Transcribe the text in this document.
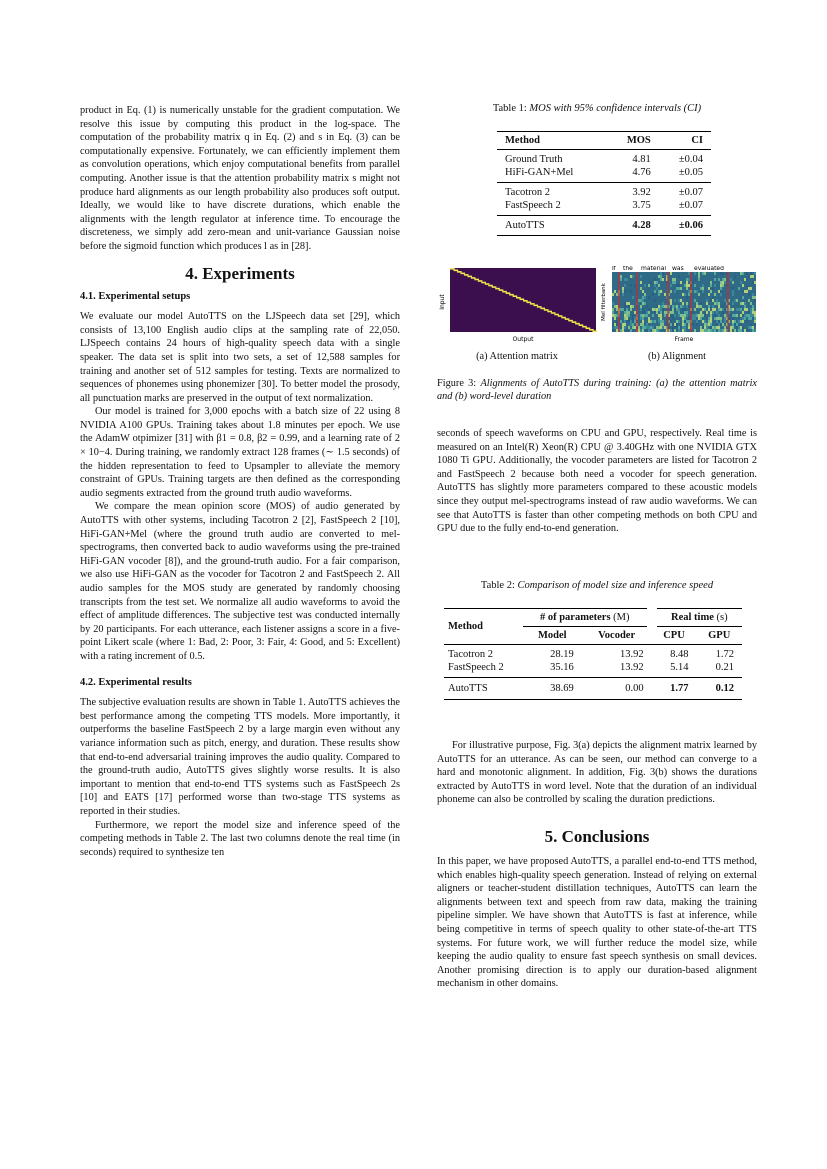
product in Eq. (1) is numerically unstable for the gradient computation. We resolve this issue by computing this product in the log-space. The computation of the probability matrix q in Eq. (2) and s in Eq. (3) can be computationally expensive. Fortunately, we can efficiently implement them as convolution operations, which enjoy computational benefits from parallel computing. Another issue is that the attention probability matrix s might not produce hard alignments as our length probability also produces soft output. Ideally, we would like to have discrete durations, which enable the alignments with the length regulator at inference time. To encourage the discreteness, we simply add zero-mean and unit-variance Gaussian noise before the sigmoid function which produces l as in [28].

4. Experiments
4.1. Experimental setups

We evaluate our model AutoTTS on the LJSpeech data set [29], which consists of 13,100 English audio clips at the sampling rate of 22,050. LJSpeech contains 24 hours of high-quality speech data with a single speaker. The data set is split into two sets, a set of 12,588 samples for training and another set of 512 samples for testing. Texts are normalized to sequences of phonemes using phonemizer [30]. To better model the prosody, all punctuation marks are preserved in the output of text normalization.

Our model is trained for 3,000 epochs with a batch size of 22 using 8 NVIDIA A100 GPUs. Training takes about 1.8 minutes per epoch. We use the AdamW otpimizer [31] with β1 = 0.8, β2 = 0.99, and a learning rate of 2 × 10−4. During training, we randomly extract 128 frames (∼ 1.5 seconds) of the hidden representation to feed to Upsampler to alleviate the memory constraint of GPUs. Training targets are then defined as the corresponding audio segments extracted from the ground truth audio waveforms.

We compare the mean opinion score (MOS) of audio generated by AutoTTS with other systems, including Tacotron 2 [2], FastSpeech 2 [10], HiFi-GAN+Mel (where the ground truth audio are converted to mel-spectrograms, then converted back to audio waveforms using the pre-trained HiFi-GAN vocoder [8]), and the ground-truth audio. For a fair comparison, we also use HiFi-GAN as the vocoder for Tacotron 2 and FastSpeech 2. All audio samples for the MOS study are generated by randomly choosing transcripts from the test set. We normalize all audio waveforms to avoid the effect of amplitude differences. The subjective test was conducted internally by 20 participants. For each utterance, each listener assigns a score in a five-point Likert scale (where 1: Bad, 2: Poor, 3: Fair, 4: Good, and 5: Excellent) with a rating increment of 0.5.

4.2. Experimental results

The subjective evaluation results are shown in Table 1. AutoTTS achieves the best performance among the competing TTS models. More importantly, it outperforms the baseline FastSpeech 2 by a large margin even without any variance information such as pitch, energy, and duration. These results show that end-to-end adversarial training improves the audio quality. Compared to the ground-truth audio, AutoTTS gives slightly worse results. It is also important to mention that end-to-end TTS systems such as FastSpeech 2s [10] and EATS [17] performed worse than two-stage TTS systems as reported in their studies.

Furthermore, we report the model size and inference speed of the competing methods in Table 2. The last two columns denote the real time (in seconds) required to synthesize ten

Table 1: MOS with 95% confidence intervals (CI)
Method	MOS	CI
Ground Truth	4.81	±0.04
HiFi-GAN+Mel	4.76	±0.05
Tacotron 2	3.92	±0.07
FastSpeech 2	3.75	±0.07
AutoTTS	4.28	±0.06
Input
Output
If the material was evaluated
Mel filterbank
Frame
(a) Attention matrix	(b) Alignment
Figure 3: Alignments of AutoTTS during training: (a) the attention matrix and (b) word-level duration

seconds of speech waveforms on CPU and GPU, respectively. Real time is measured on an Intel(R) Xeon(R) CPU @ 3.40GHz with one NVIDIA GTX 1080 Ti GPU. Additionally, the vocoder parameters are listed for Tacotron 2 and FastSpeech 2 because both need a vocoder for speech generation. AutoTTS has slightly more parameters compared to these acoustic models since they output mel-spectrograms instead of raw audio waveforms. We can see that AutoTTS is faster than other competing methods on both CPU and GPU due to the fully end-to-end generation.

Table 2: Comparison of model size and inference speed
Method	# of parameters (M)		Real time (s)	
	Model	Vocoder	CPU	GPU
Tacotron 2	28.19	13.92	8.48	1.72
FastSpeech 2	35.16	13.92	5.14	0.21
AutoTTS	38.69	0.00	1.77	0.12

For illustrative purpose, Fig. 3(a) depicts the alignment matrix learned by AutoTTS for an utterance. As can be seen, our method can converge to a hard and monotonic alignment. In addition, Fig. 3(b) shows the durations extracted by AutoTTS in word level. Note that the duration of an individual phoneme can also be controlled by scaling the duration predictions.

5. Conclusions

In this paper, we have proposed AutoTTS, a parallel end-to-end TTS method, which enables high-quality speech generation. Instead of relying on external aligners or teacher-student distillation techniques, AutoTTS can learn the alignments between text and speech from raw data, making the training pipeline simpler. We have shown that AutoTTS is fast at inference, while being competitive in terms of speech quality to other state-of-the-art TTS systems. For future work, we will further reduce the model size, while keeping the audio quality to ensure fast speech synthesis on small devices. Another promising direction is to apply our duration-based alignment mechanism in other domains.
